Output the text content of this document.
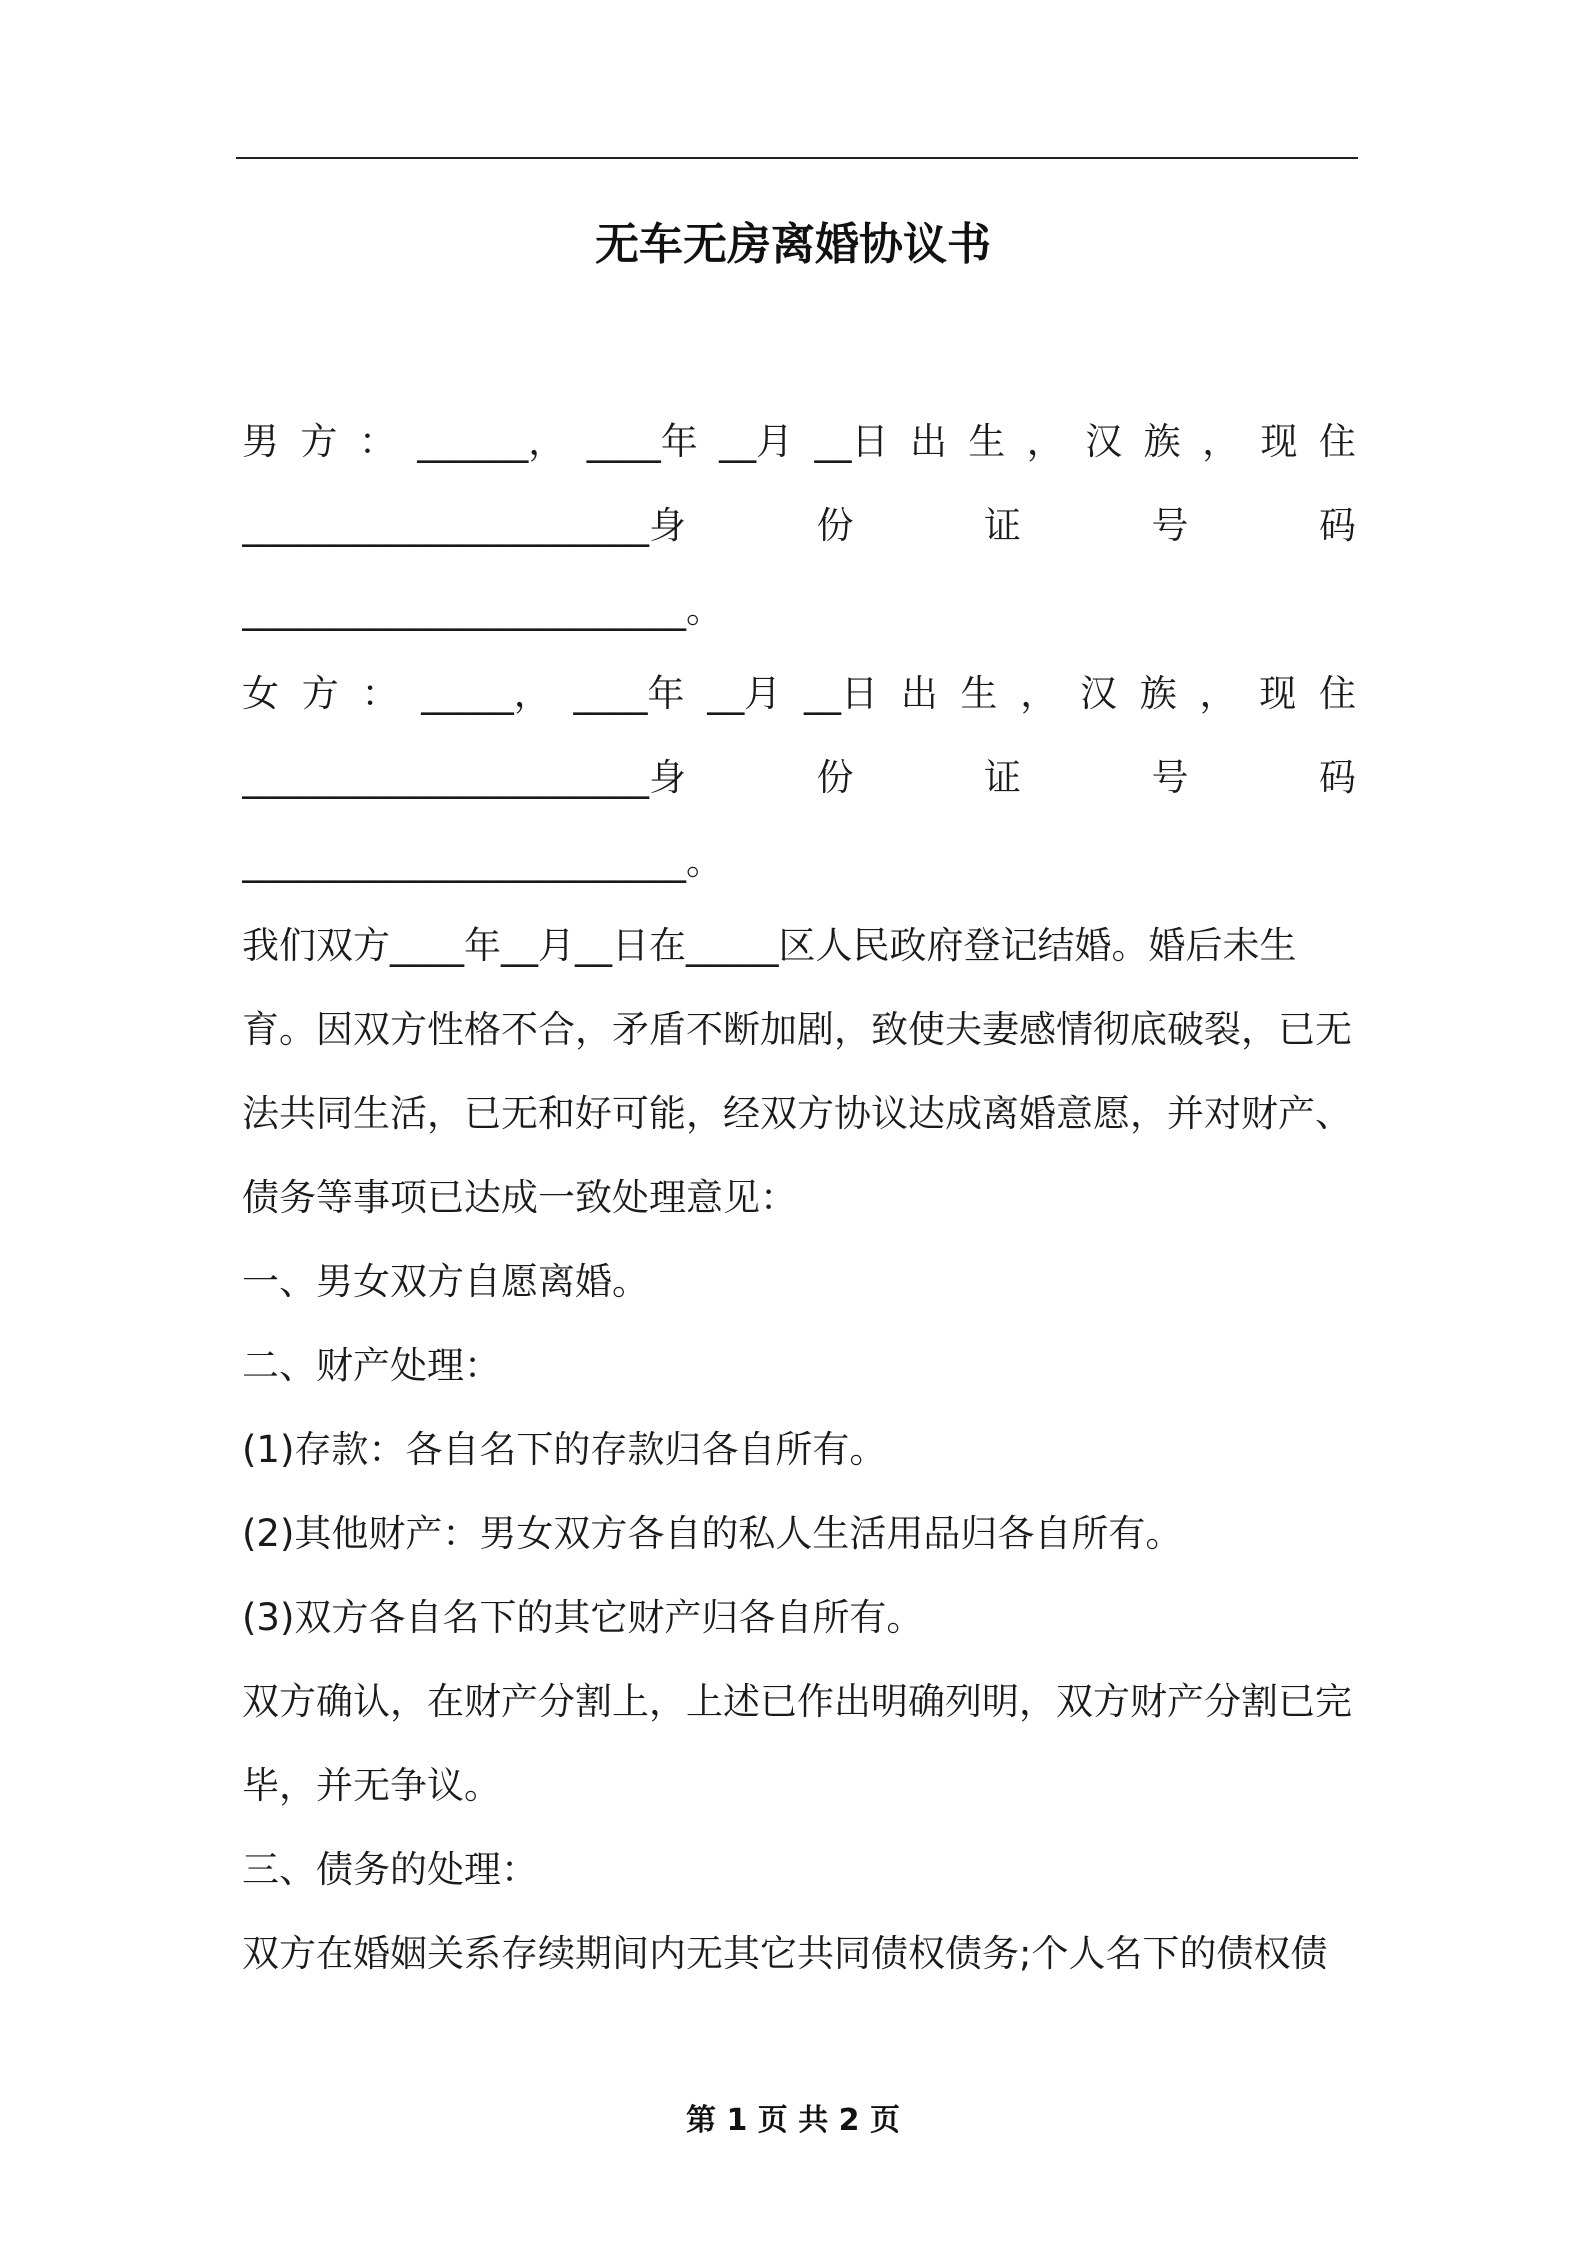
无车无房离婚协议书
男 方 ： ______， ____年 __月 __日 出 生 ， 汉 族 ， 现 住
______________________身	份	证	号	码
________________________。
女 方 ： _____， ____年 __月 __日 出 生 ， 汉 族 ， 现 住
______________________身	份	证	号	码
________________________。
我们双方____年__月__日在_____区人民政府登记结婚。婚后未生
育。因双方性格不合，矛盾不断加剧，致使夫妻感情彻底破裂，已无
法共同生活，已无和好可能，经双方协议达成离婚意愿，并对财产、
债务等事项已达成一致处理意见：
一、男女双方自愿离婚。
二、财产处理：
(1)存款：各自名下的存款归各自所有。
(2)其他财产：男女双方各自的私人生活用品归各自所有。
(3)双方各自名下的其它财产归各自所有。
双方确认，在财产分割上，上述已作出明确列明，双方财产分割已完
毕，并无争议。
三、债务的处理：
双方在婚姻关系存续期间内无其它共同债权债务;个人名下的债权债
第 1 页 共 2 页
